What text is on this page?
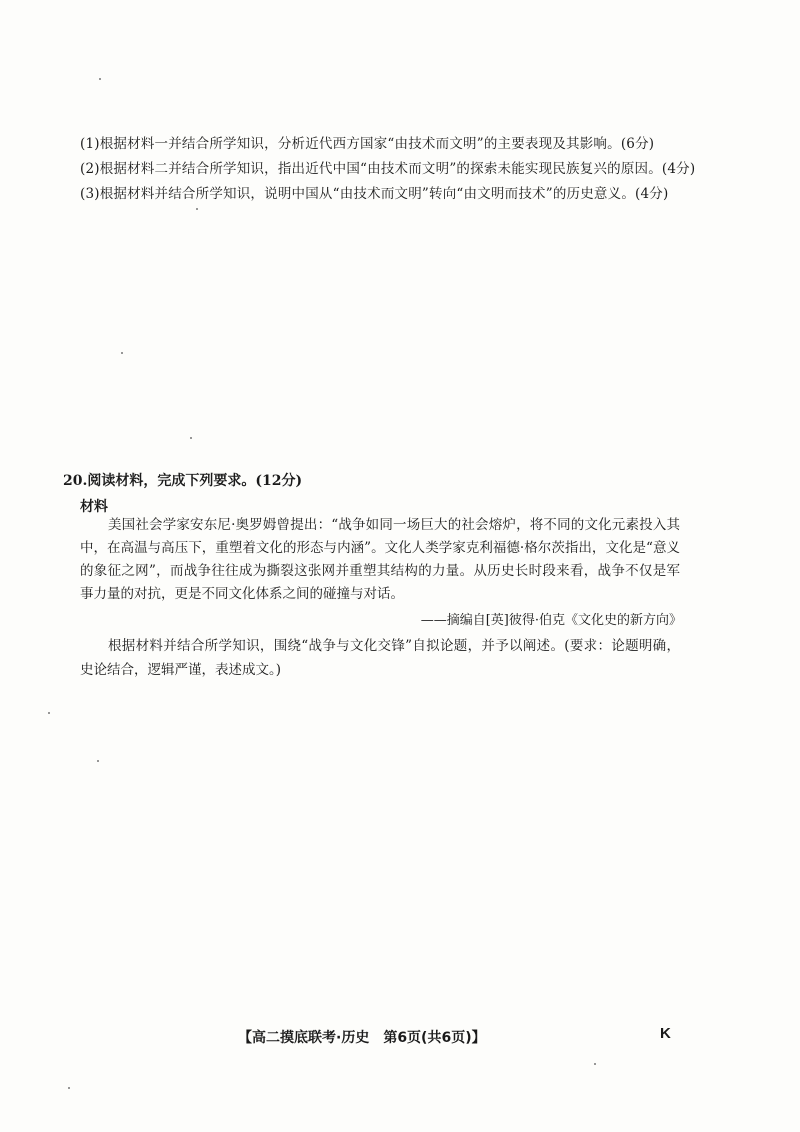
(1)根据材料一并结合所学知识，分析近代西方国家“由技术而文明”的主要表现及其影响。(6分)
(2)根据材料二并结合所学知识，指出近代中国“由技术而文明”的探索未能实现民族复兴的原因。(4分)
(3)根据材料并结合所学知识，说明中国从“由技术而文明”转向“由文明而技术”的历史意义。(4分)
20.阅读材料，完成下列要求。(12分)
材料
美国社会学家安东尼·奥罗姆曾提出：“战争如同一场巨大的社会熔炉，将不同的文化元素投入其中，在高温与高压下，重塑着文化的形态与内涵”。文化人类学家克利福德·格尔茨指出，文化是“意义的象征之网”，而战争往往成为撕裂这张网并重塑其结构的力量。从历史长时段来看，战争不仅是军事力量的对抗，更是不同文化体系之间的碰撞与对话。
——摘编自[英]彼得·伯克《文化史的新方向》
根据材料并结合所学知识，围绕“战争与文化交锋”自拟论题，并予以阐述。(要求：论题明确，史论结合，逻辑严谨，表述成文。)
【高二摸底联考·历史　第6页(共6页)】	K
